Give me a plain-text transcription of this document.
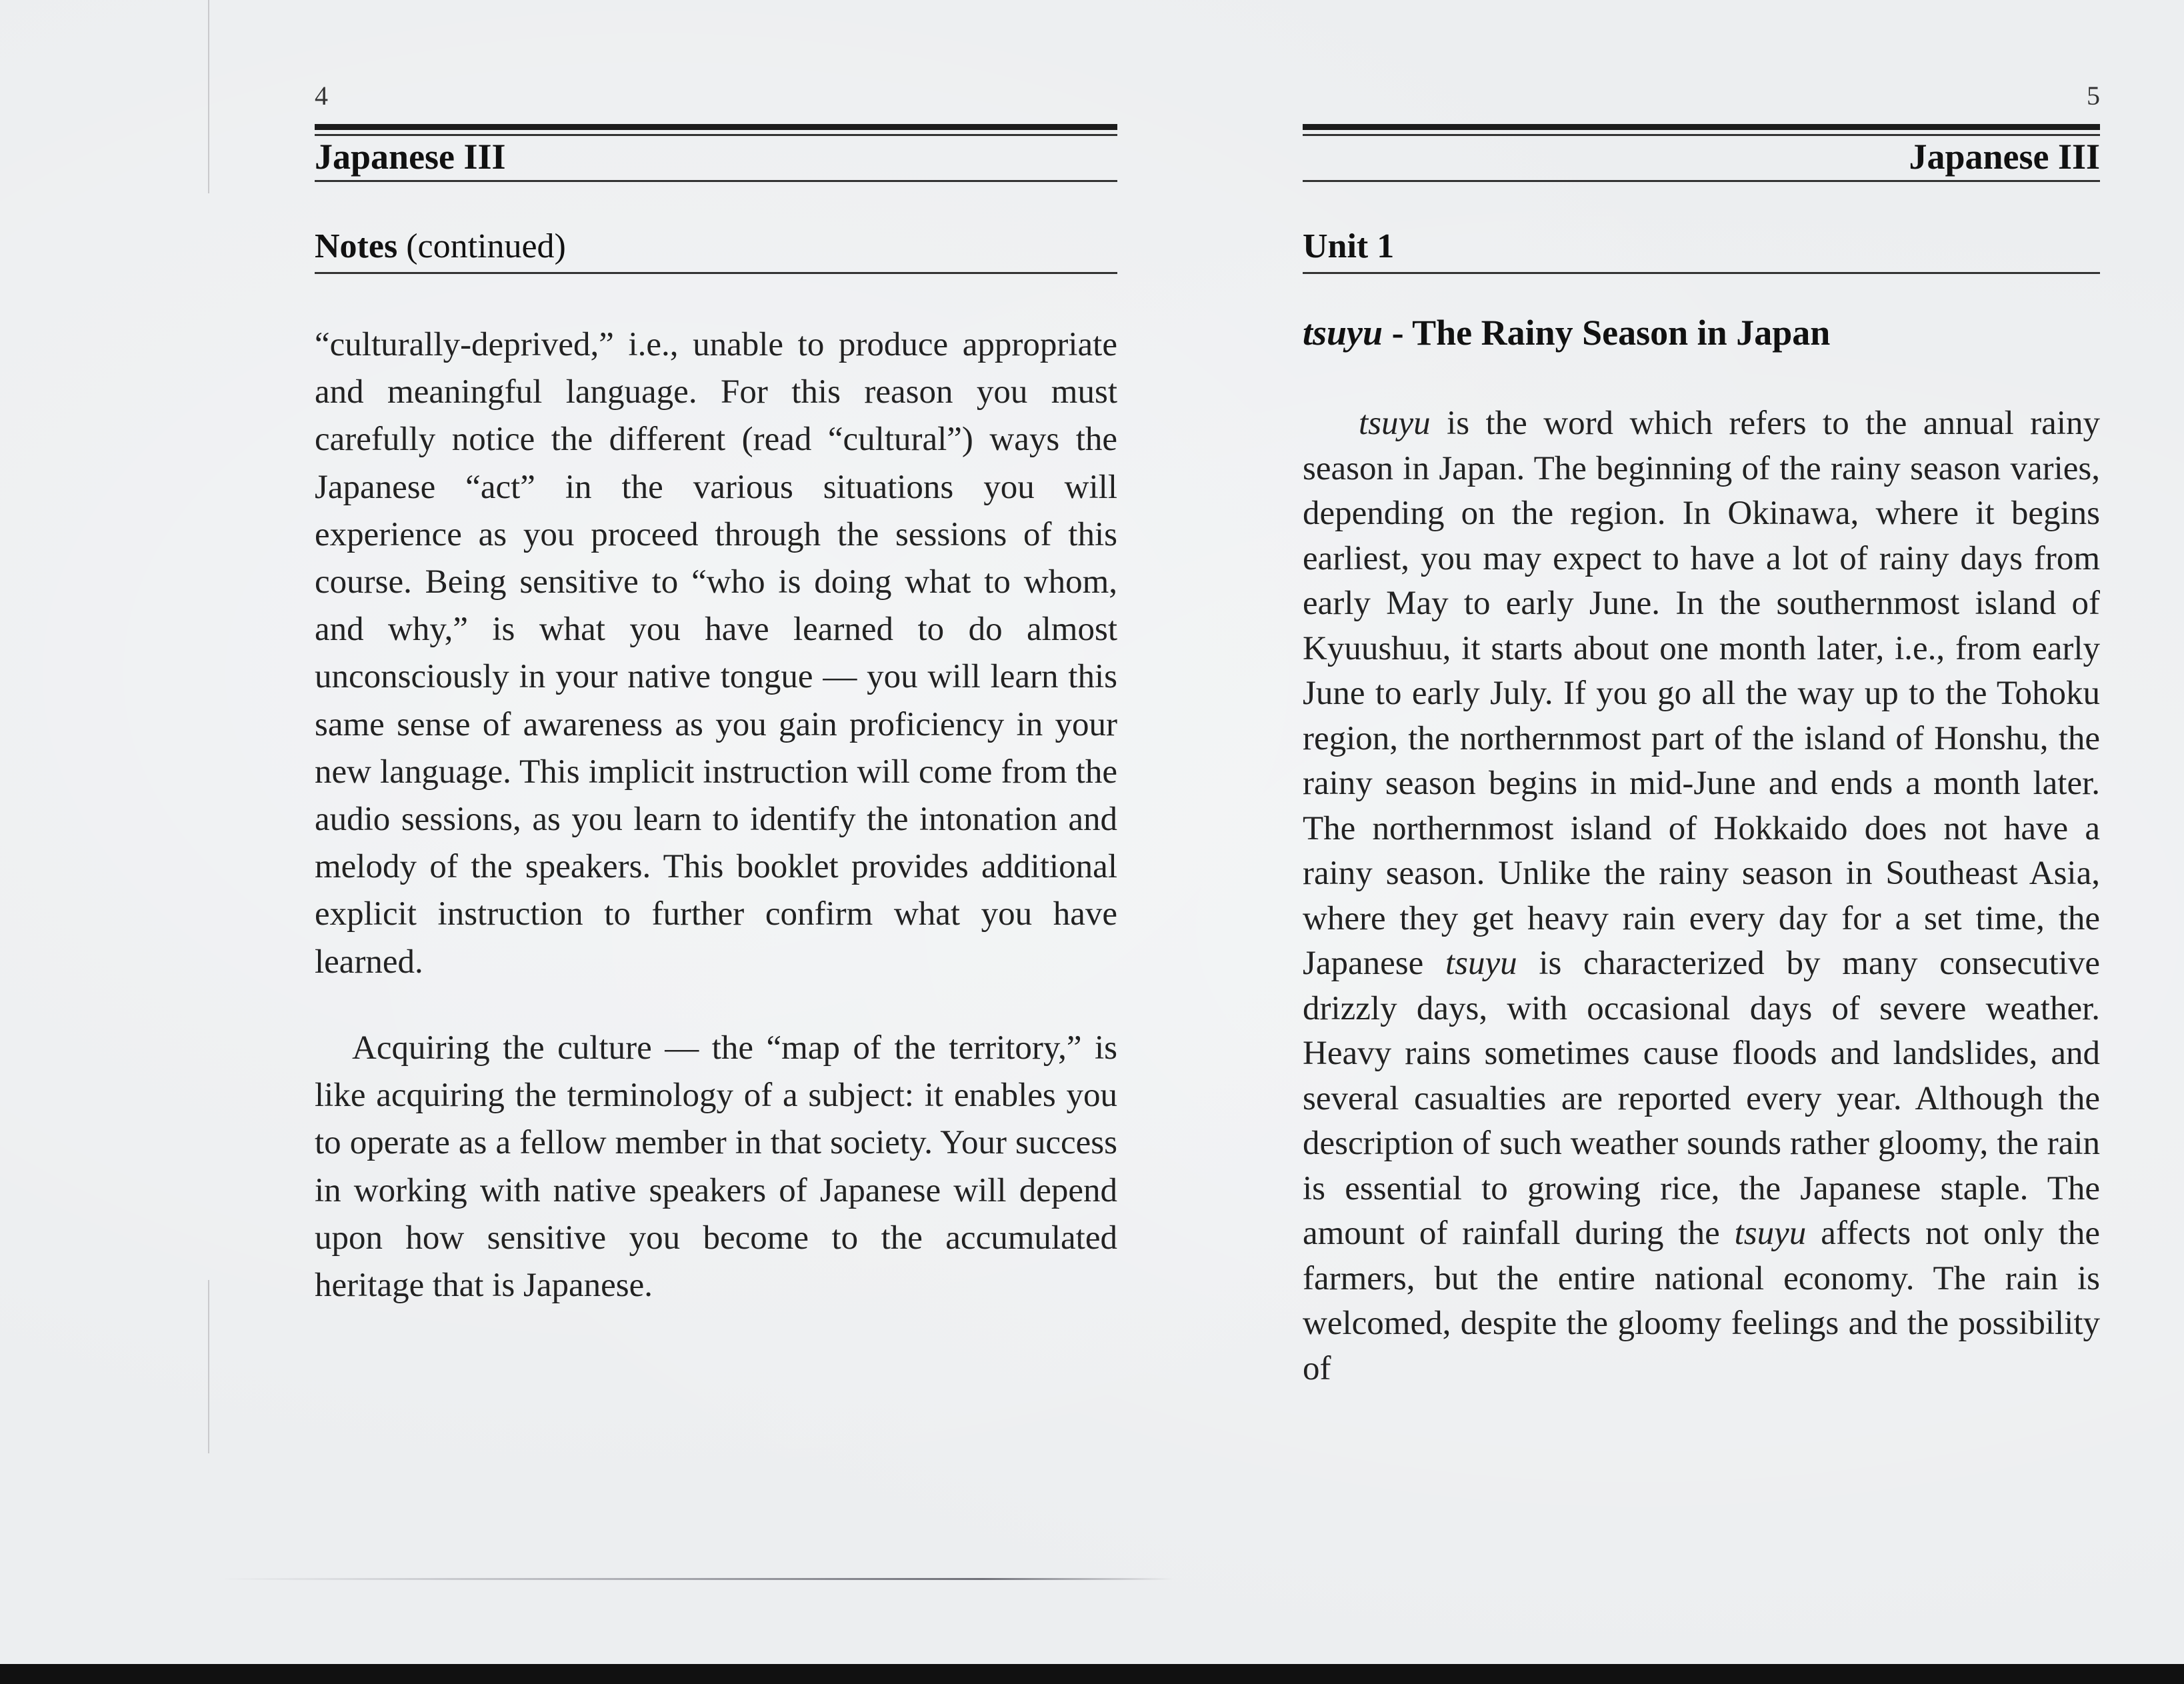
4
Japanese III
Notes (continued)

“culturally-deprived,” i.e., unable to produce appropriate and meaningful language. For this reason you must carefully notice the different (read “cultural”) ways the Japanese “act” in the various situations you will experience as you proceed through the sessions of this course. Being sensitive to “who is doing what to whom, and why,” is what you have learned to do almost unconsciously in your native tongue — you will learn this same sense of awareness as you gain proficiency in your new language. This implicit instruction will come from the audio sessions, as you learn to identify the intonation and melody of the speakers. This booklet provides additional explicit instruction to further confirm what you have learned.

Acquiring the culture — the “map of the territory,” is like acquiring the terminology of a subject: it enables you to operate as a fellow member in that society. Your success in working with native speakers of Japanese will depend upon how sensitive you become to the accumulated heritage that is Japanese.

5
Japanese III
Unit 1
tsuyu - The Rainy Season in Japan

tsuyu is the word which refers to the annual rainy season in Japan. The beginning of the rainy season varies, depending on the region. In Okinawa, where it begins earliest, you may expect to have a lot of rainy days from early May to early June. In the southernmost island of Kyuushuu, it starts about one month later, i.e., from early June to early July. If you go all the way up to the Tohoku region, the northernmost part of the island of Honshu, the rainy season begins in mid-June and ends a month later. The northernmost island of Hokkaido does not have a rainy season. Unlike the rainy season in Southeast Asia, where they get heavy rain every day for a set time, the Japanese tsuyu is characterized by many consecutive drizzly days, with occasional days of severe weather. Heavy rains sometimes cause floods and landslides, and several casualties are reported every year. Although the description of such weather sounds rather gloomy, the rain is essential to growing rice, the Japanese staple. The amount of rainfall during the tsuyu affects not only the farmers, but the entire national economy. The rain is welcomed, despite the gloomy feelings and the possibility of
